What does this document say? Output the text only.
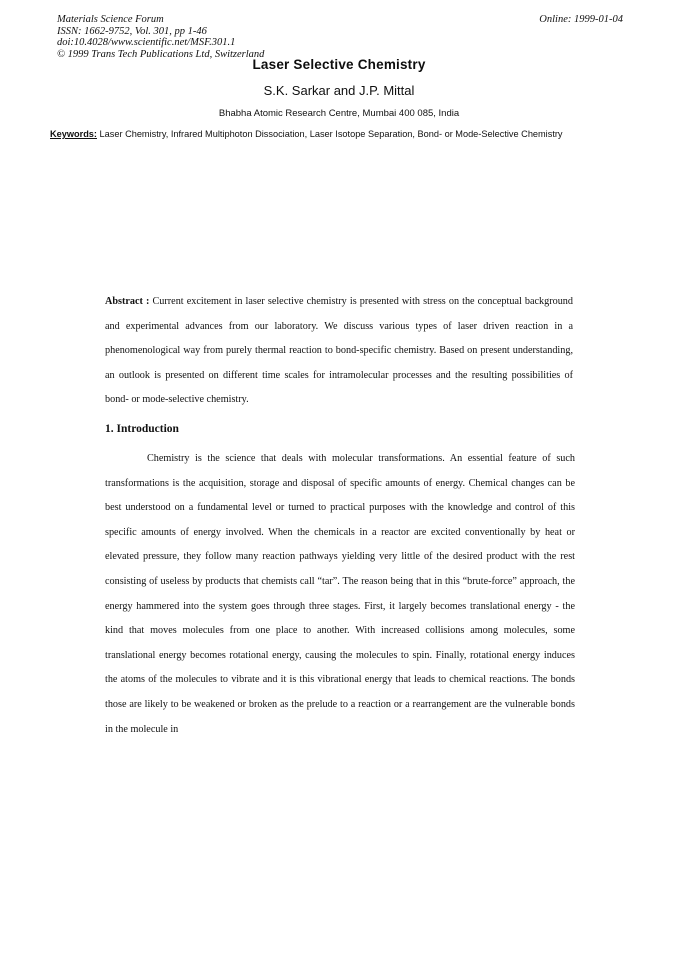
Materials Science Forum
ISSN: 1662-9752, Vol. 301, pp 1-46
doi:10.4028/www.scientific.net/MSF.301.1
© 1999 Trans Tech Publications Ltd, Switzerland
Online: 1999-01-04
Laser Selective Chemistry
S.K. Sarkar and J.P. Mittal
Bhabha Atomic Research Centre, Mumbai 400 085, India
Keywords: Laser Chemistry, Infrared Multiphoton Dissociation, Laser Isotope Separation, Bond- or Mode-Selective Chemistry
Abstract : Current excitement in laser selective chemistry is presented with stress on the conceptual background and experimental advances from our laboratory. We discuss various types of laser driven reaction in a phenomenological way from purely thermal reaction to bond-specific chemistry. Based on present understanding, an outlook is presented on different time scales for intramolecular processes and the resulting possibilities of bond- or mode-selective chemistry.
1. Introduction
Chemistry is the science that deals with molecular transformations. An essential feature of such transformations is the acquisition, storage and disposal of specific amounts of energy. Chemical changes can be best understood on a fundamental level or turned to practical purposes with the knowledge and control of this specific amounts of energy involved. When the chemicals in a reactor are excited conventionally by heat or elevated pressure, they follow many reaction pathways yielding very little of the desired product with the rest consisting of useless by products that chemists call “tar”. The reason being that in this “brute-force” approach, the energy hammered into the system goes through three stages. First, it largely becomes translational energy - the kind that moves molecules from one place to another. With increased collisions among molecules, some translational energy becomes rotational energy, causing the molecules to spin. Finally, rotational energy induces the atoms of the molecules to vibrate and it is this vibrational energy that leads to chemical reactions. The bonds those are likely to be weakened or broken as the prelude to a reaction or a rearrangement are the vulnerable bonds in the molecule in
